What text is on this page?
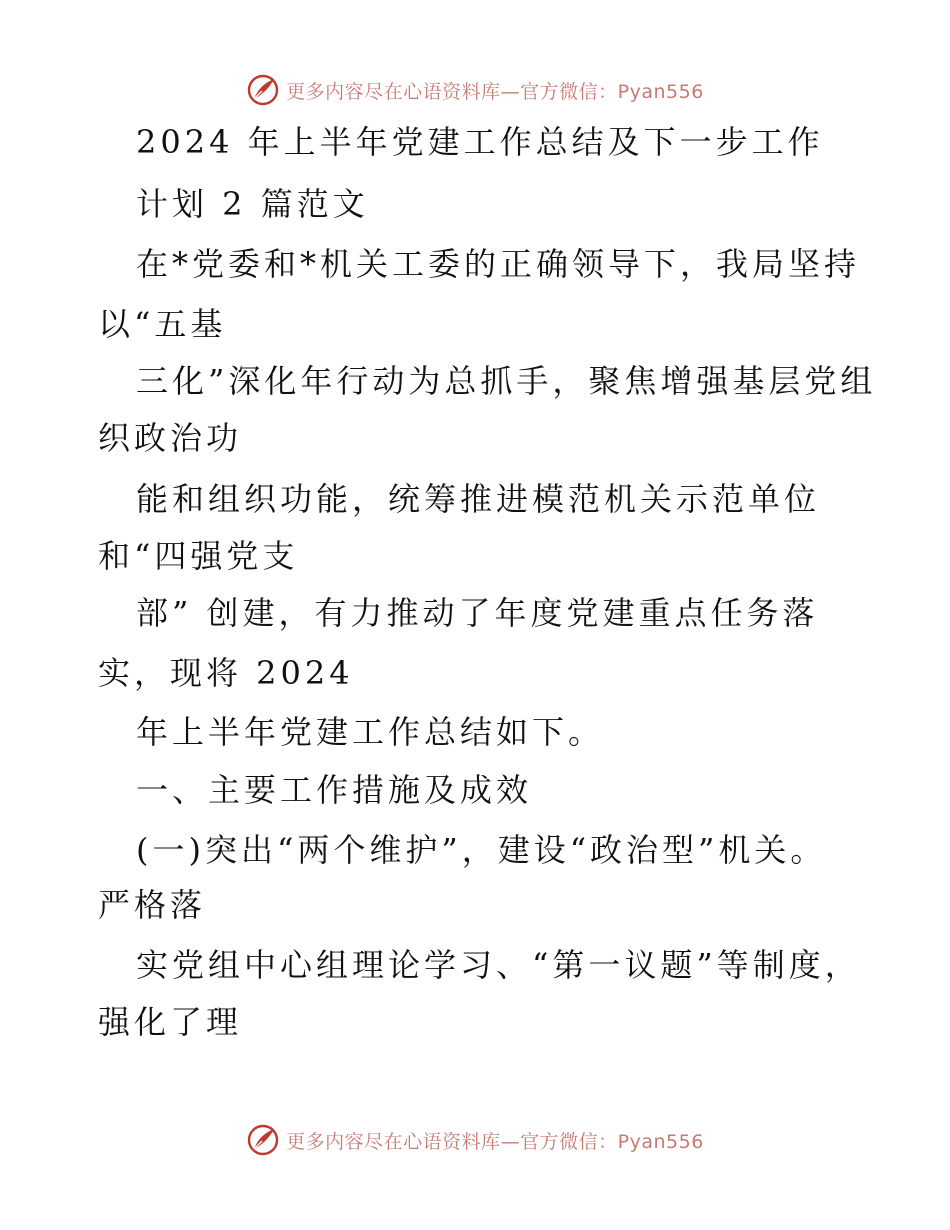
更多内容尽在心语资料库—官方微信：Pyan556
2024 年上半年党建工作总结及下一步工作
计划 2 篇范文
在*党委和*机关工委的正确领导下，我局坚持
以“五基
三化”深化年行动为总抓手，聚焦增强基层党组
织政治功
能和组织功能，统筹推进模范机关示范单位
和“四强党支
部” 创建，有力推动了年度党建重点任务落
实，现将 2024
年上半年党建工作总结如下。
一、主要工作措施及成效
(一)突出“两个维护”，建设“政治型”机关。
严格落
实党组中心组理论学习、“第一议题”等制度，
强化了理
更多内容尽在心语资料库—官方微信：Pyan556
